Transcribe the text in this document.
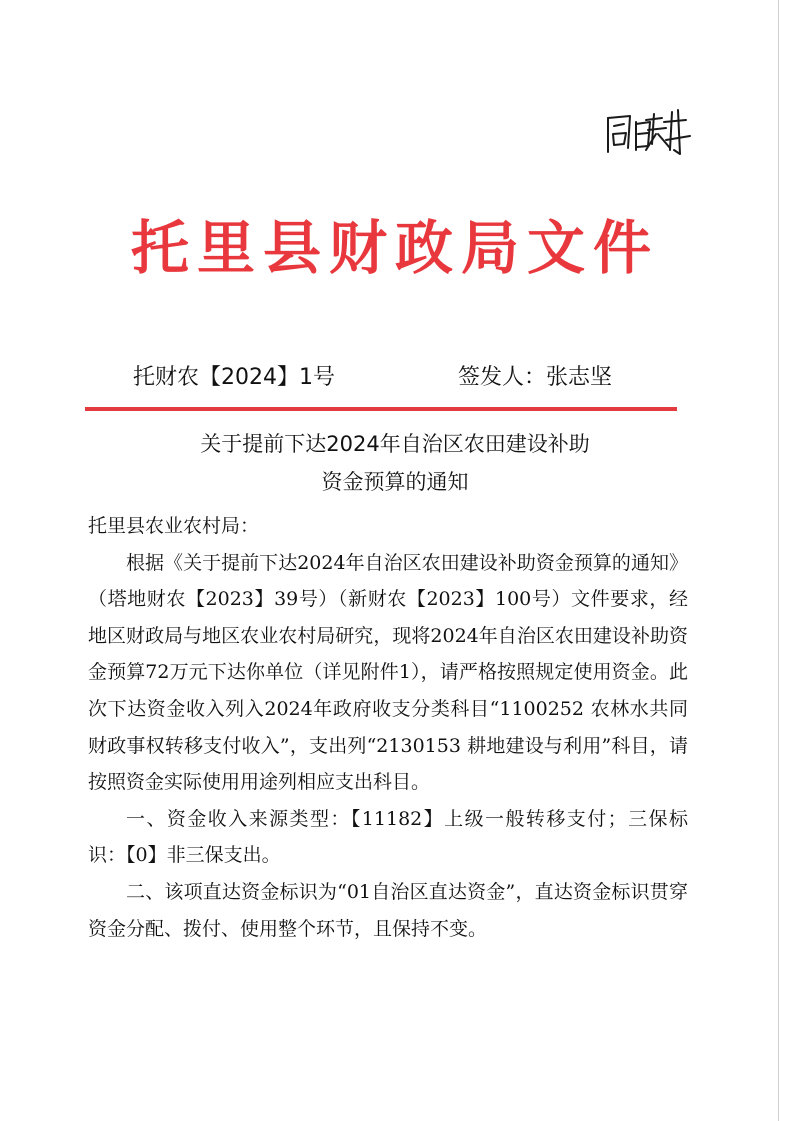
托里县财政局文件
托财农【2024】1号	签发人：张志坚
关于提前下达2024年自治区农田建设补助
资金预算的通知

托里县农业农村局：

根据《关于提前下达2024年自治区农田建设补助资金预算的通知》（塔地财农【2023】39号）（新财农【2023】100号）文件要求，经地区财政局与地区农业农村局研究，现将2024年自治区农田建设补助资金预算72万元下达你单位（详见附件1），请严格按照规定使用资金。此次下达资金收入列入2024年政府收支分类科目“1100252 农林水共同财政事权转移支付收入”，支出列“2130153 耕地建设与利用”科目，请按照资金实际使用用途列相应支出科目。

一、资金收入来源类型：【11182】上级一般转移支付；三保标识：【0】非三保支出。

二、该项直达资金标识为“01自治区直达资金”，直达资金标识贯穿资金分配、拨付、使用整个环节，且保持不变。
